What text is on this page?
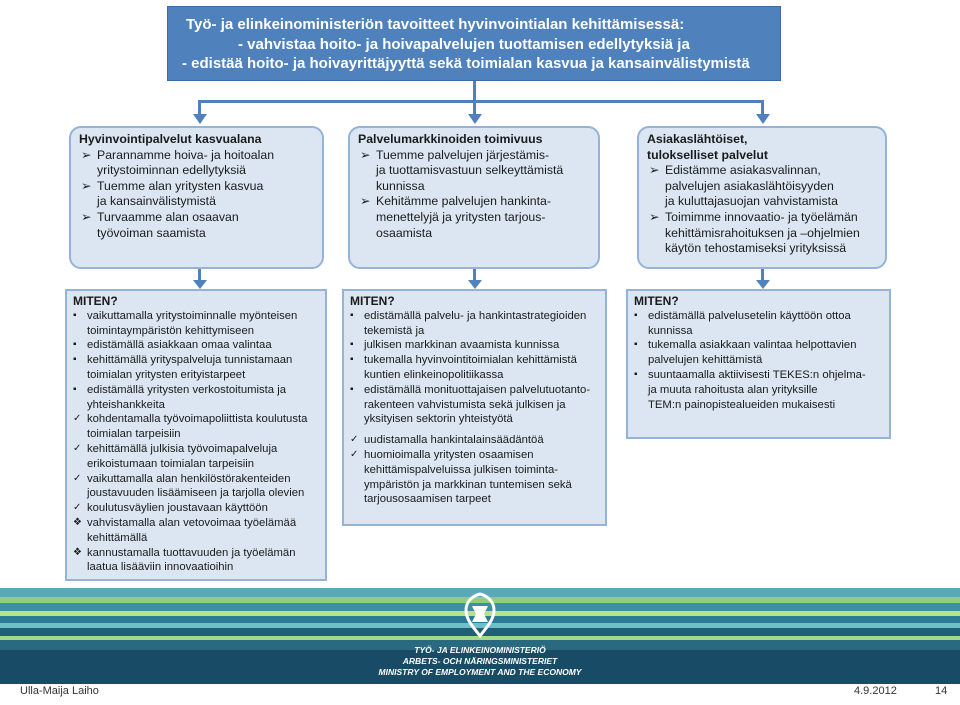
Työ- ja elinkeinoministeriön tavoitteet hyvinvointialan kehittämisessä:
- vahvistaa hoito- ja hoivapalvelujen tuottamisen edellytyksiä ja
- edistää hoito- ja hoivayrittäjyyttä sekä toimialan kasvua ja kansainvälistymistä
Hyvinvointipalvelut kasvualana
➢ Parannamme hoiva- ja hoitoalan
yritystoiminnan edellytyksiä
➢ Tuemme alan yritysten kasvua
ja kansainvälistymistä
➢ Turvaamme alan osaavan
työvoiman saamista
Palvelumarkkinoiden toimivuus
➢ Tuemme palvelujen järjestämis-
ja tuottamisvastuun selkeyttämistä
kunnissa
➢ Kehitämme palvelujen hankinta-
menettelyjä ja yritysten tarjous-
osaamista
Asiakaslähtöiset,
tulokselliset palvelut
➢ Edistämme asiakasvalinnan,
palvelujen asiakaslähtöisyyden
ja kuluttajasuojan vahvistamista
➢ Toimimme innovaatio- ja työelämän
kehittämisrahoituksen ja –ohjelmien
käytön tehostamiseksi yrityksissä
MITEN?
▪ vaikuttamalla yritystoiminnalle myönteisen
toimintaympäristön kehittymiseen
▪ edistämällä asiakkaan omaa valintaa
▪ kehittämällä yrityspalveluja tunnistamaan
toimialan yritysten erityistarpeet
▪ edistämällä yritysten verkostoitumista ja
yhteishankkeita
✓ kohdentamalla työvoimapoliittista koulutusta
toimialan tarpeisiin
✓ kehittämällä julkisia työvoimapalveluja
erikoistumaan toimialan tarpeisiin
✓ vaikuttamalla alan henkilöstörakenteiden
joustavuuden lisäämiseen ja tarjolla olevien
✓ koulutusväylien joustavaan käyttöön
❖ vahvistamalla alan vetovoimaa työelämää
kehittämällä
❖ kannustamalla tuottavuuden ja työelämän
laatua lisääviin innovaatioihin
MITEN?
▪ edistämällä palvelu- ja hankintastrategioiden
tekemistä ja
▪ julkisen markkinan avaamista kunnissa
▪ tukemalla hyvinvointitoimialan kehittämistä
kuntien elinkeinopolitiikassa
▪ edistämällä monituottajaisen palvelutuotanto-
rakenteen vahvistumista sekä julkisen ja
yksityisen sektorin yhteistyötä
✓ uudistamalla hankintalainsäädäntöä
✓ huomioimalla yritysten osaamisen
kehittämispalveluissa julkisen toiminta-
ympäristön ja markkinan tuntemisen sekä
tarjousosaamisen tarpeet
MITEN?
▪ edistämällä palvelusetelin käyttöön ottoa
kunnissa
▪ tukemalla asiakkaan valintaa helpottavien
palvelujen kehittämistä
▪ suuntaamalla aktiivisesti TEKES:n ohjelma-
ja muuta rahoitusta alan yrityksille
TEM:n painopistealueiden mukaisesti
TYÖ- JA ELINKEINOMINISTERIÖ
ARBETS- OCH NÄRINGSMINISTERIET
MINISTRY OF EMPLOYMENT AND THE ECONOMY
Ulla-Maija Laiho	4.9.2012	14
